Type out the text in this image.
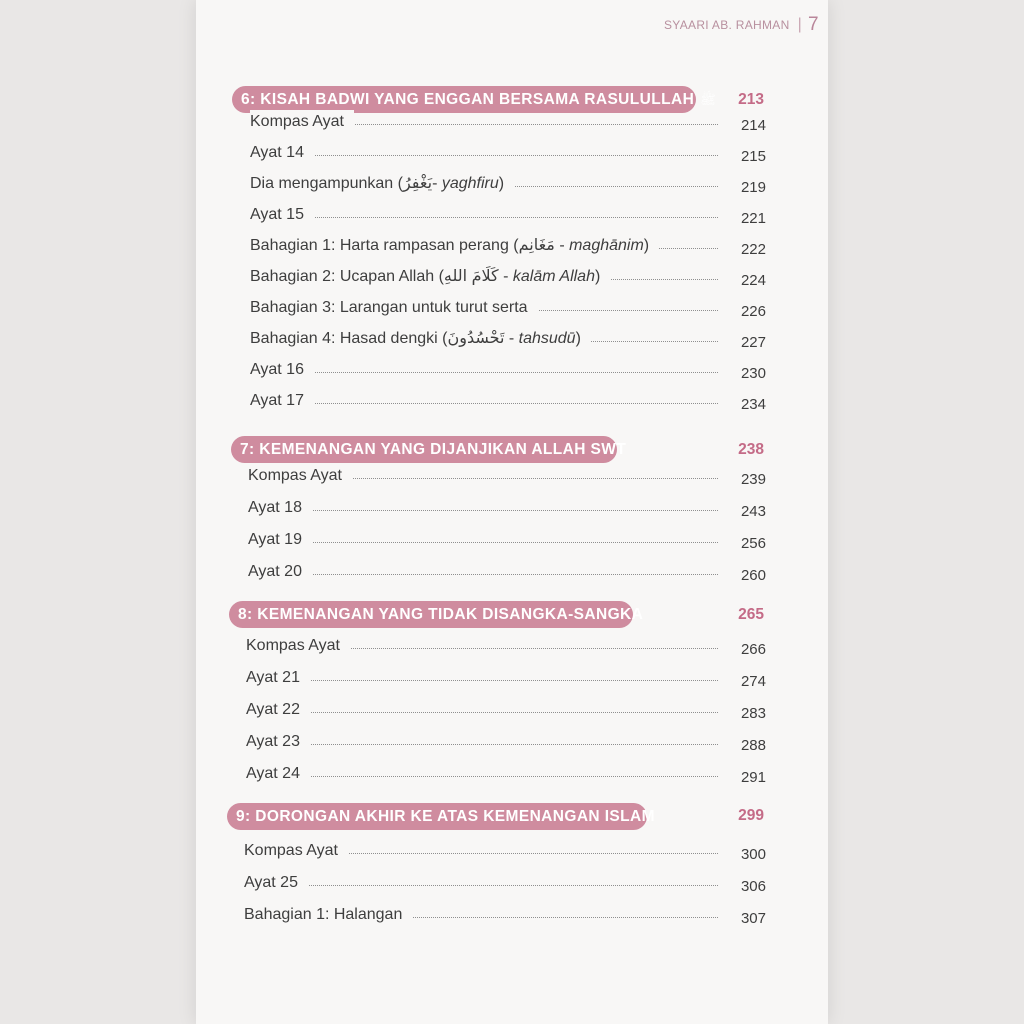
SYAARI AB. RAHMAN | 7
6: KISAH BADWI YANG ENGGAN BERSAMA RASULULLAH ﷺ	213
Kompas Ayat	214
Ayat 14	215
Dia mengampunkan (يَغْفِرُ- yaghfiru)	219
Ayat 15	221
Bahagian 1: Harta rampasan perang (مَغَانِم - maghānim)	222
Bahagian 2: Ucapan Allah (كَلَامَ اللهِ - kalām Allah)	224
Bahagian 3: Larangan untuk turut serta	226
Bahagian 4: Hasad dengki (تَحْسُدُونَ - tahsudū)	227
Ayat 16	230
Ayat 17	234
7: KEMENANGAN YANG DIJANJIKAN ALLAH SWT	238
Kompas Ayat	239
Ayat 18	243
Ayat 19	256
Ayat 20	260
8: KEMENANGAN YANG TIDAK DISANGKA-SANGKA	265
Kompas Ayat	266
Ayat 21	274
Ayat 22	283
Ayat 23	288
Ayat 24	291
9: DORONGAN AKHIR KE ATAS KEMENANGAN ISLAM	299
Kompas Ayat	300
Ayat 25	306
Bahagian 1: Halangan	307
